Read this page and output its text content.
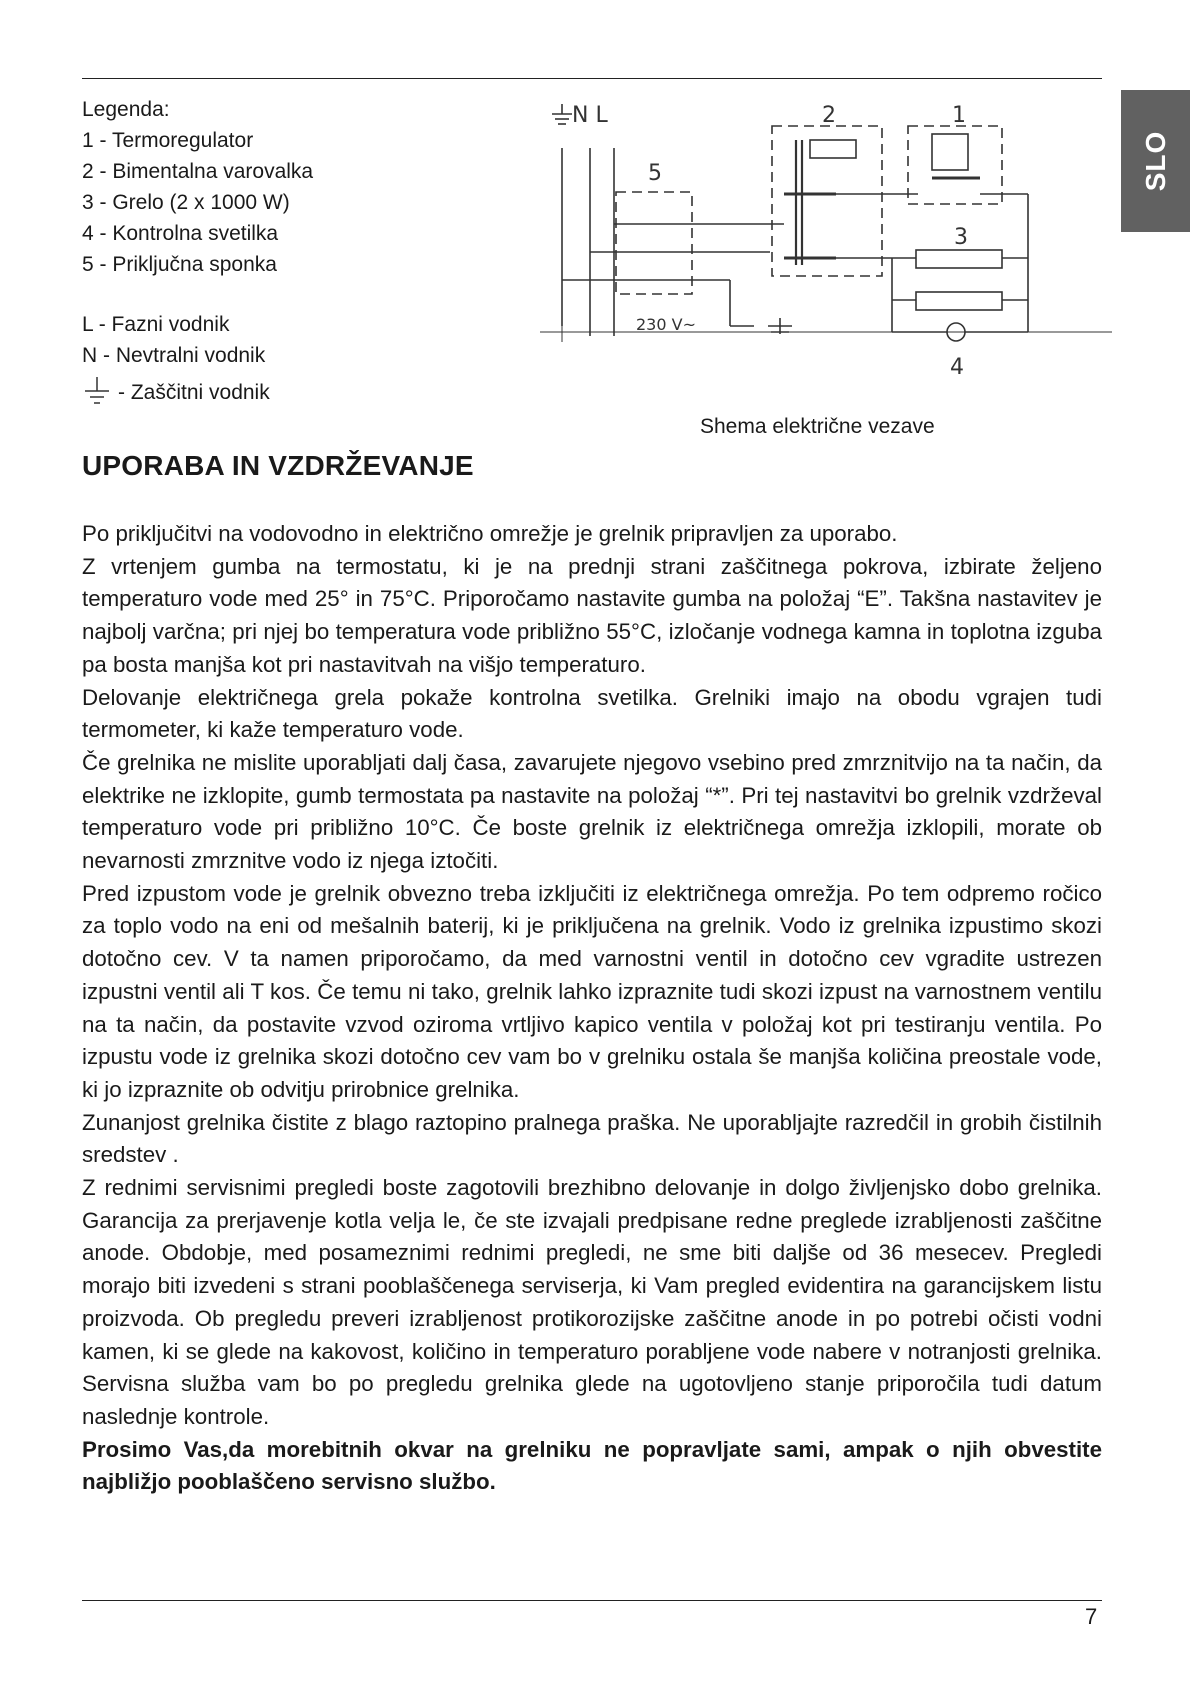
SLO
Legenda:
1 - Termoregulator
2 - Bimentalna varovalka
3 - Grelo (2 x 1000 W)
4 - Kontrolna svetilka
5 - Priključna sponka
L - Fazni vodnik
N - Nevtralni vodnik
- Zaščitni vodnik
N L
5
2	1
3
4
230 V~
Shema električne vezave
UPORABA IN VZDRŽEVANJE

Po priključitvi na vodovodno in električno omrežje je grelnik pripravljen za uporabo.

Z vrtenjem gumba na termostatu, ki je na prednji strani zaščitnega pokrova, izbirate željeno temperaturo vode med 25° in 75°C. Priporočamo nastavite gumba na položaj “E”. Takšna nastavitev je najbolj varčna; pri njej bo temperatura vode približno 55°C, izločanje vodnega kamna in toplotna izguba pa bosta manjša kot pri nastavitvah na višjo temperaturo.

Delovanje električnega grela pokaže kontrolna svetilka. Grelniki imajo na obodu vgrajen tudi termometer, ki kaže temperaturo vode.

Če grelnika ne mislite uporabljati dalj časa, zavarujete njegovo vsebino pred zmrznitvijo na ta način, da elektrike ne izklopite, gumb termostata pa nastavite na položaj “*”. Pri tej nastavitvi bo grelnik vzdrževal temperaturo vode pri približno 10°C. Če boste grelnik iz električnega omrežja izklopili, morate ob nevarnosti zmrznitve vodo iz njega iztočiti.

Pred izpustom vode je grelnik obvezno treba izključiti iz električnega omrežja. Po tem odpremo ročico za toplo vodo na eni od mešalnih baterij, ki je priključena na grelnik. Vodo iz grelnika izpustimo skozi dotočno cev. V ta namen priporočamo, da med varnostni ventil in dotočno cev vgradite ustrezen izpustni ventil ali T kos. Če temu ni tako, grelnik lahko izpraznite tudi skozi izpust na varnostnem ventilu na ta način, da postavite vzvod oziroma vrtljivo kapico ventila v položaj kot pri testiranju ventila. Po izpustu vode iz grelnika skozi dotočno cev vam bo v grelniku ostala še manjša količina preostale vode, ki jo izpraznite ob odvitju prirobnice grelnika.

Zunanjost grelnika čistite z blago raztopino pralnega praška. Ne uporabljajte razredčil in grobih čistilnih sredstev .

Z rednimi servisnimi pregledi boste zagotovili brezhibno delovanje in dolgo življenjsko dobo grelnika. Garancija za prerjavenje kotla velja le, če ste izvajali predpisane redne preglede izrabljenosti zaščitne anode. Obdobje, med posameznimi rednimi pregledi, ne sme biti daljše od 36 mesecev. Pregledi morajo biti izvedeni s strani pooblaščenega serviserja, ki Vam pregled evidentira na garancijskem listu proizvoda. Ob pregledu preveri izrabljenost protikorozijske zaščitne anode in po potrebi očisti vodni kamen, ki se glede na kakovost, količino in temperaturo porabljene vode nabere v notranjosti grelnika. Servisna služba vam bo po pregledu grelnika glede na ugotovljeno stanje priporočila tudi datum naslednje kontrole.

Prosimo Vas,da morebitnih okvar na grelniku ne popravljate sami, ampak o njih obvestite najbližjo pooblaščeno servisno službo.

7
